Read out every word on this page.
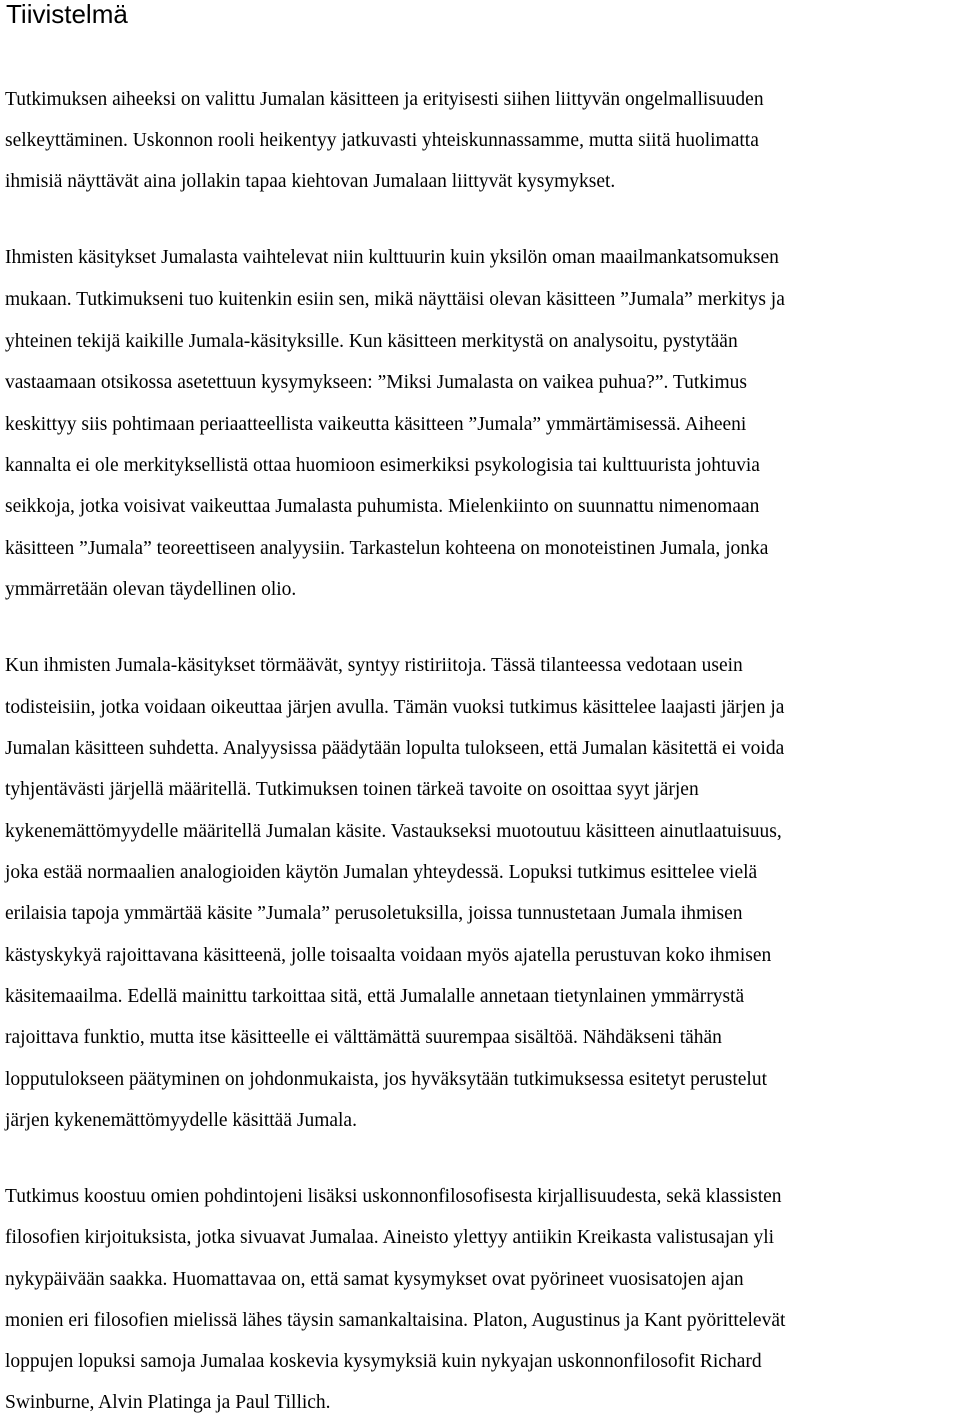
Tiivistelmä
Tutkimuksen aiheeksi on valittu Jumalan käsitteen ja erityisesti siihen liittyvän ongelmallisuuden
selkeyttäminen. Uskonnon rooli heikentyy jatkuvasti yhteiskunnassamme, mutta siitä huolimatta
ihmisiä näyttävät aina jollakin tapaa kiehtovan Jumalaan liittyvät kysymykset.
Ihmisten käsitykset Jumalasta vaihtelevat niin kulttuurin kuin yksilön oman maailmankatsomuksen
mukaan. Tutkimukseni tuo kuitenkin esiin sen, mikä näyttäisi olevan käsitteen ”Jumala” merkitys ja
yhteinen tekijä kaikille Jumala-käsityksille. Kun käsitteen merkitystä on analysoitu, pystytään
vastaamaan otsikossa asetettuun kysymykseen: ”Miksi Jumalasta on vaikea puhua?”. Tutkimus
keskittyy siis pohtimaan periaatteellista vaikeutta käsitteen ”Jumala” ymmärtämisessä. Aiheeni
kannalta ei ole merkityksellistä ottaa huomioon esimerkiksi psykologisia tai kulttuurista johtuvia
seikkoja, jotka voisivat vaikeuttaa Jumalasta puhumista. Mielenkiinto on suunnattu nimenomaan
käsitteen ”Jumala” teoreettiseen analyysiin. Tarkastelun kohteena on monoteistinen Jumala, jonka
ymmärretään olevan täydellinen olio.
Kun ihmisten Jumala-käsitykset törmäävät, syntyy ristiriitoja. Tässä tilanteessa vedotaan usein
todisteisiin, jotka voidaan oikeuttaa järjen avulla. Tämän vuoksi tutkimus käsittelee laajasti järjen ja
Jumalan käsitteen suhdetta. Analyysissa päädytään lopulta tulokseen, että Jumalan käsitettä ei voida
tyhjentävästi järjellä määritellä. Tutkimuksen toinen tärkeä tavoite on osoittaa syyt järjen
kykenemättömyydelle määritellä Jumalan käsite. Vastaukseksi muotoutuu käsitteen ainutlaatuisuus,
joka estää normaalien analogioiden käytön Jumalan yhteydessä. Lopuksi tutkimus esittelee vielä
erilaisia tapoja ymmärtää käsite ”Jumala” perusoletuksilla, joissa tunnustetaan Jumala ihmisen
kästyskykyä rajoittavana käsitteenä, jolle toisaalta voidaan myös ajatella perustuvan koko ihmisen
käsitemaailma. Edellä mainittu tarkoittaa sitä, että Jumalalle annetaan tietynlainen ymmärrystä
rajoittava funktio, mutta itse käsitteelle ei välttämättä suurempaa sisältöä. Nähdäkseni tähän
lopputulokseen päätyminen on johdonmukaista, jos hyväksytään tutkimuksessa esitetyt perustelut
järjen kykenemättömyydelle käsittää Jumala.
Tutkimus koostuu omien pohdintojeni lisäksi uskonnonfilosofisesta kirjallisuudesta, sekä klassisten
filosofien kirjoituksista, jotka sivuavat Jumalaa. Aineisto ylettyy antiikin Kreikasta valistusajan yli
nykypäivään saakka. Huomattavaa on, että samat kysymykset ovat pyörineet vuosisatojen ajan
monien eri filosofien mielissä lähes täysin samankaltaisina. Platon, Augustinus ja Kant pyörittelevät
loppujen lopuksi samoja Jumalaa koskevia kysymyksiä kuin nykyajan uskonnonfilosofit Richard
Swinburne, Alvin Platinga ja Paul Tillich.
